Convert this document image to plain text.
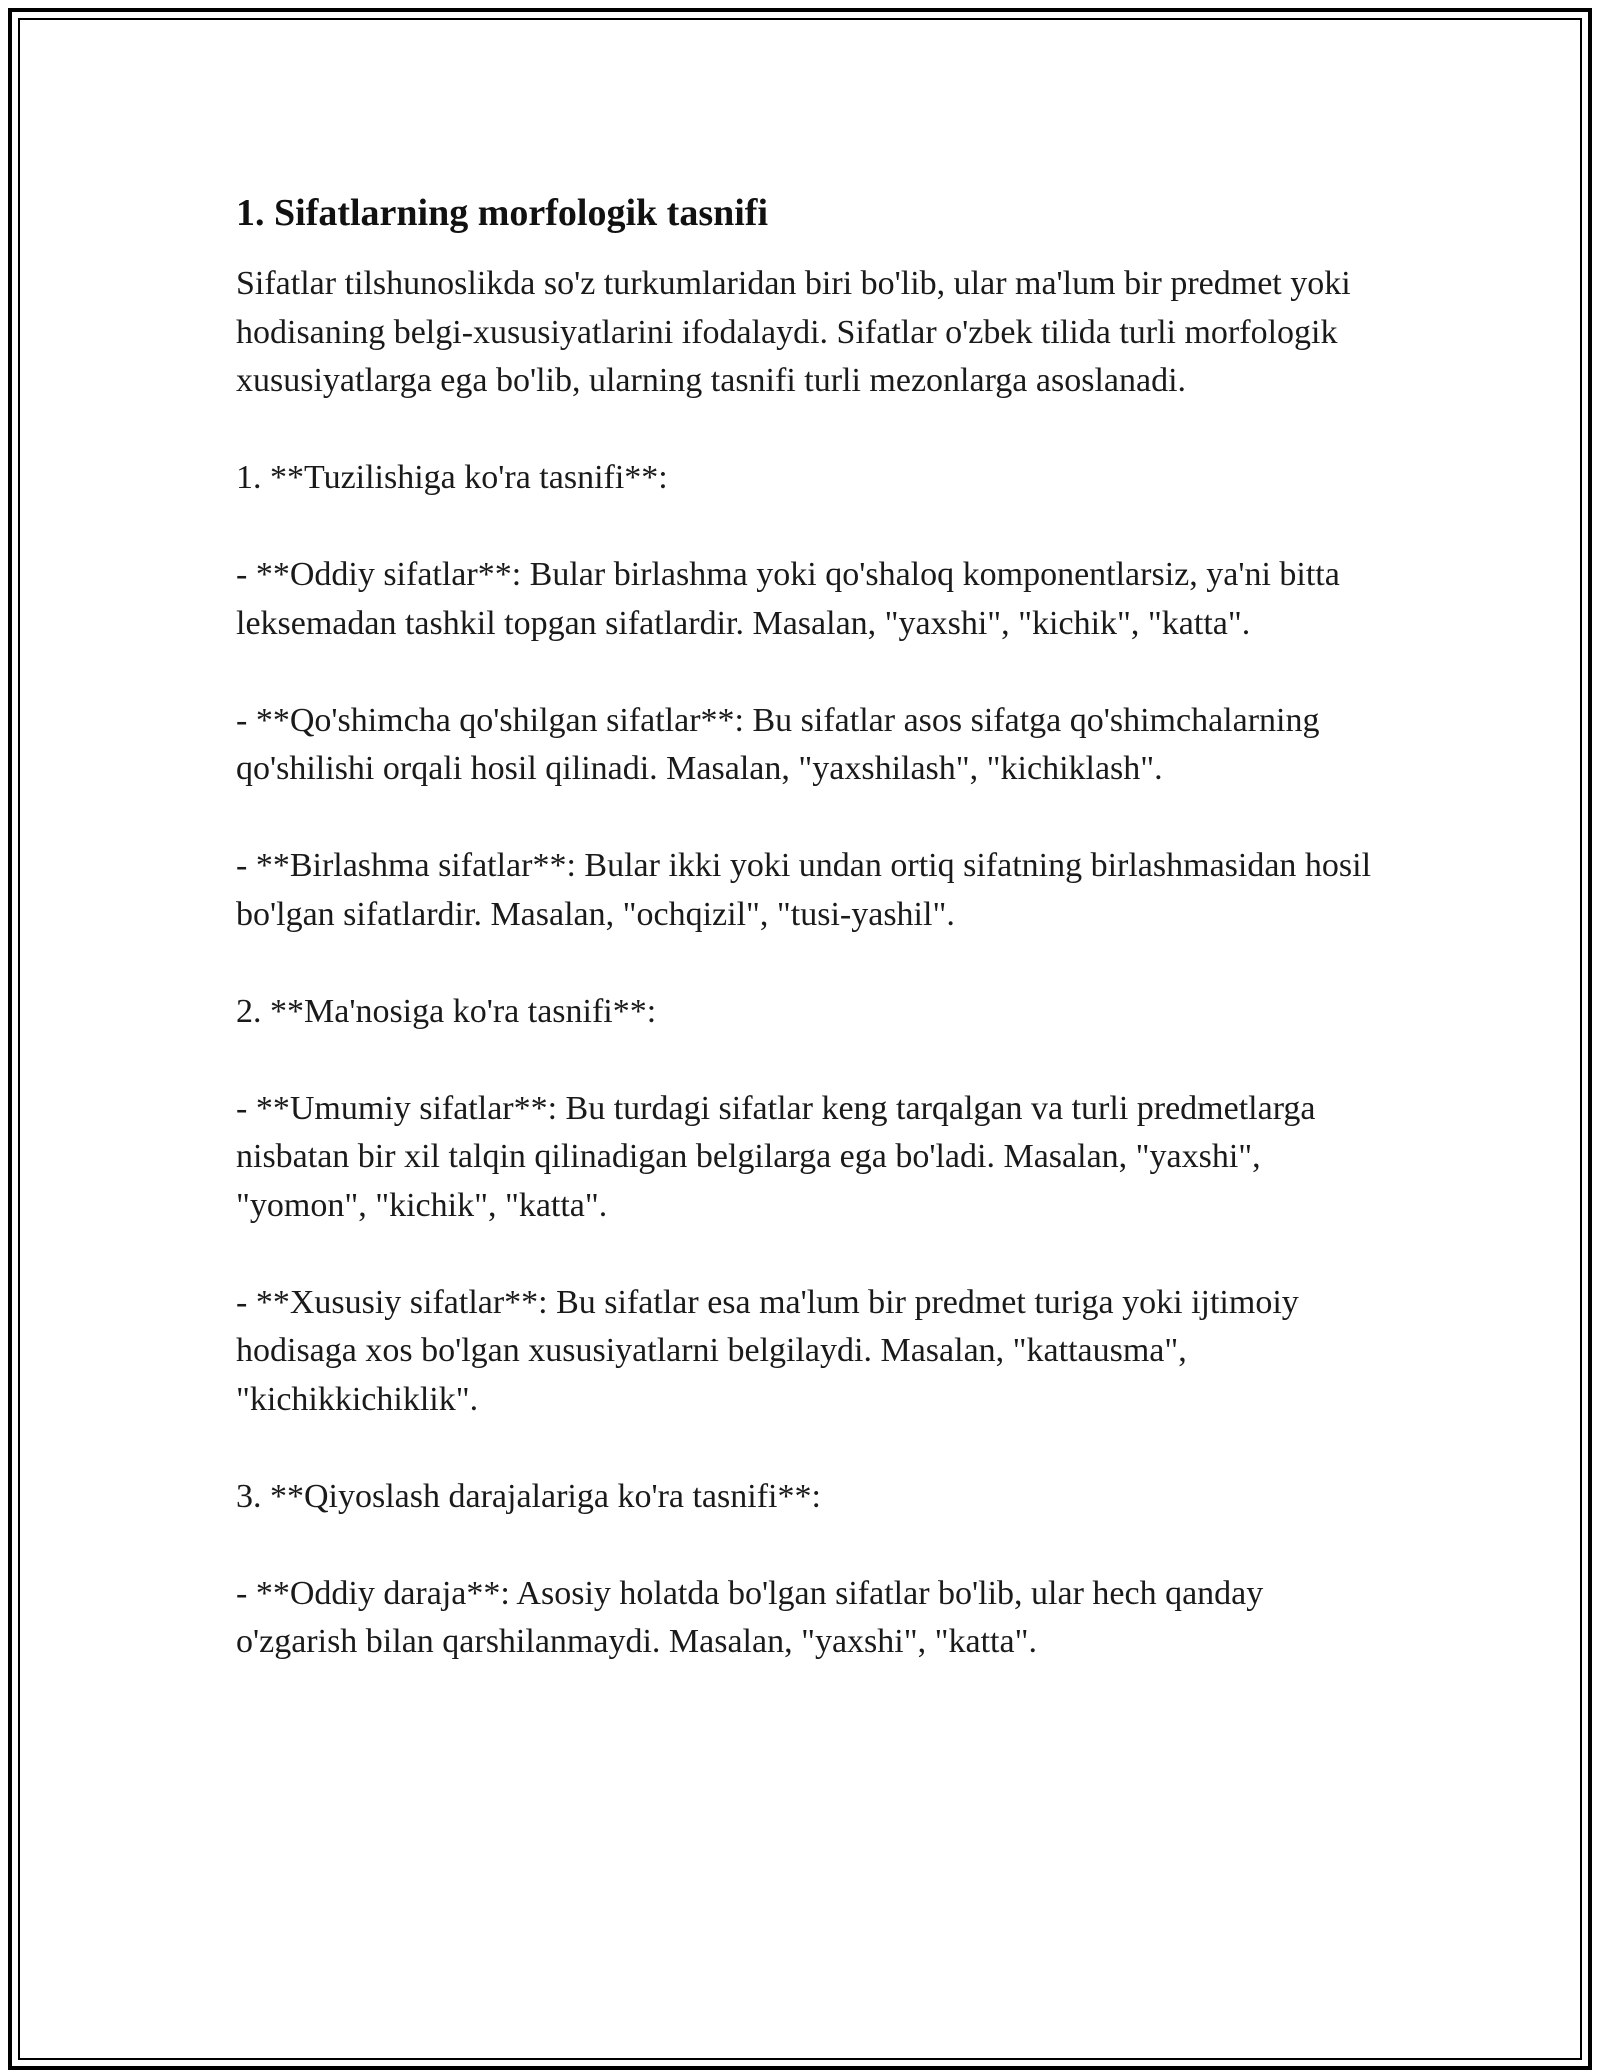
1. Sifatlarning morfologik tasnifi

Sifatlar tilshunoslikda so'z turkumlaridan biri bo'lib, ular ma'lum bir predmet yoki hodisaning belgi-xususiyatlarini ifodalaydi. Sifatlar o'zbek tilida turli morfologik xususiyatlarga ega bo'lib, ularning tasnifi turli mezonlarga asoslanadi.

1. **Tuzilishiga ko'ra tasnifi**:

- **Oddiy sifatlar**: Bular birlashma yoki qo'shaloq komponentlarsiz, ya'ni bitta leksemadan tashkil topgan sifatlardir. Masalan, "yaxshi", "kichik", "katta".

- **Qo'shimcha qo'shilgan sifatlar**: Bu sifatlar asos sifatga qo'shimchalarning qo'shilishi orqali hosil qilinadi. Masalan, "yaxshilash", "kichiklash".

- **Birlashma sifatlar**: Bular ikki yoki undan ortiq sifatning birlashmasidan hosil bo'lgan sifatlardir. Masalan, "ochqizil", "tusi-yashil".

2. **Ma'nosiga ko'ra tasnifi**:

- **Umumiy sifatlar**: Bu turdagi sifatlar keng tarqalgan va turli predmetlarga nisbatan bir xil talqin qilinadigan belgilarga ega bo'ladi. Masalan, "yaxshi", "yomon", "kichik", "katta".

- **Xususiy sifatlar**: Bu sifatlar esa ma'lum bir predmet turiga yoki ijtimoiy hodisaga xos bo'lgan xususiyatlarni belgilaydi. Masalan, "kattausma", "kichikkichiklik".

3. **Qiyoslash darajalariga ko'ra tasnifi**:

- **Oddiy daraja**: Asosiy holatda bo'lgan sifatlar bo'lib, ular hech qanday o'zgarish bilan qarshilanmaydi. Masalan, "yaxshi", "katta".
